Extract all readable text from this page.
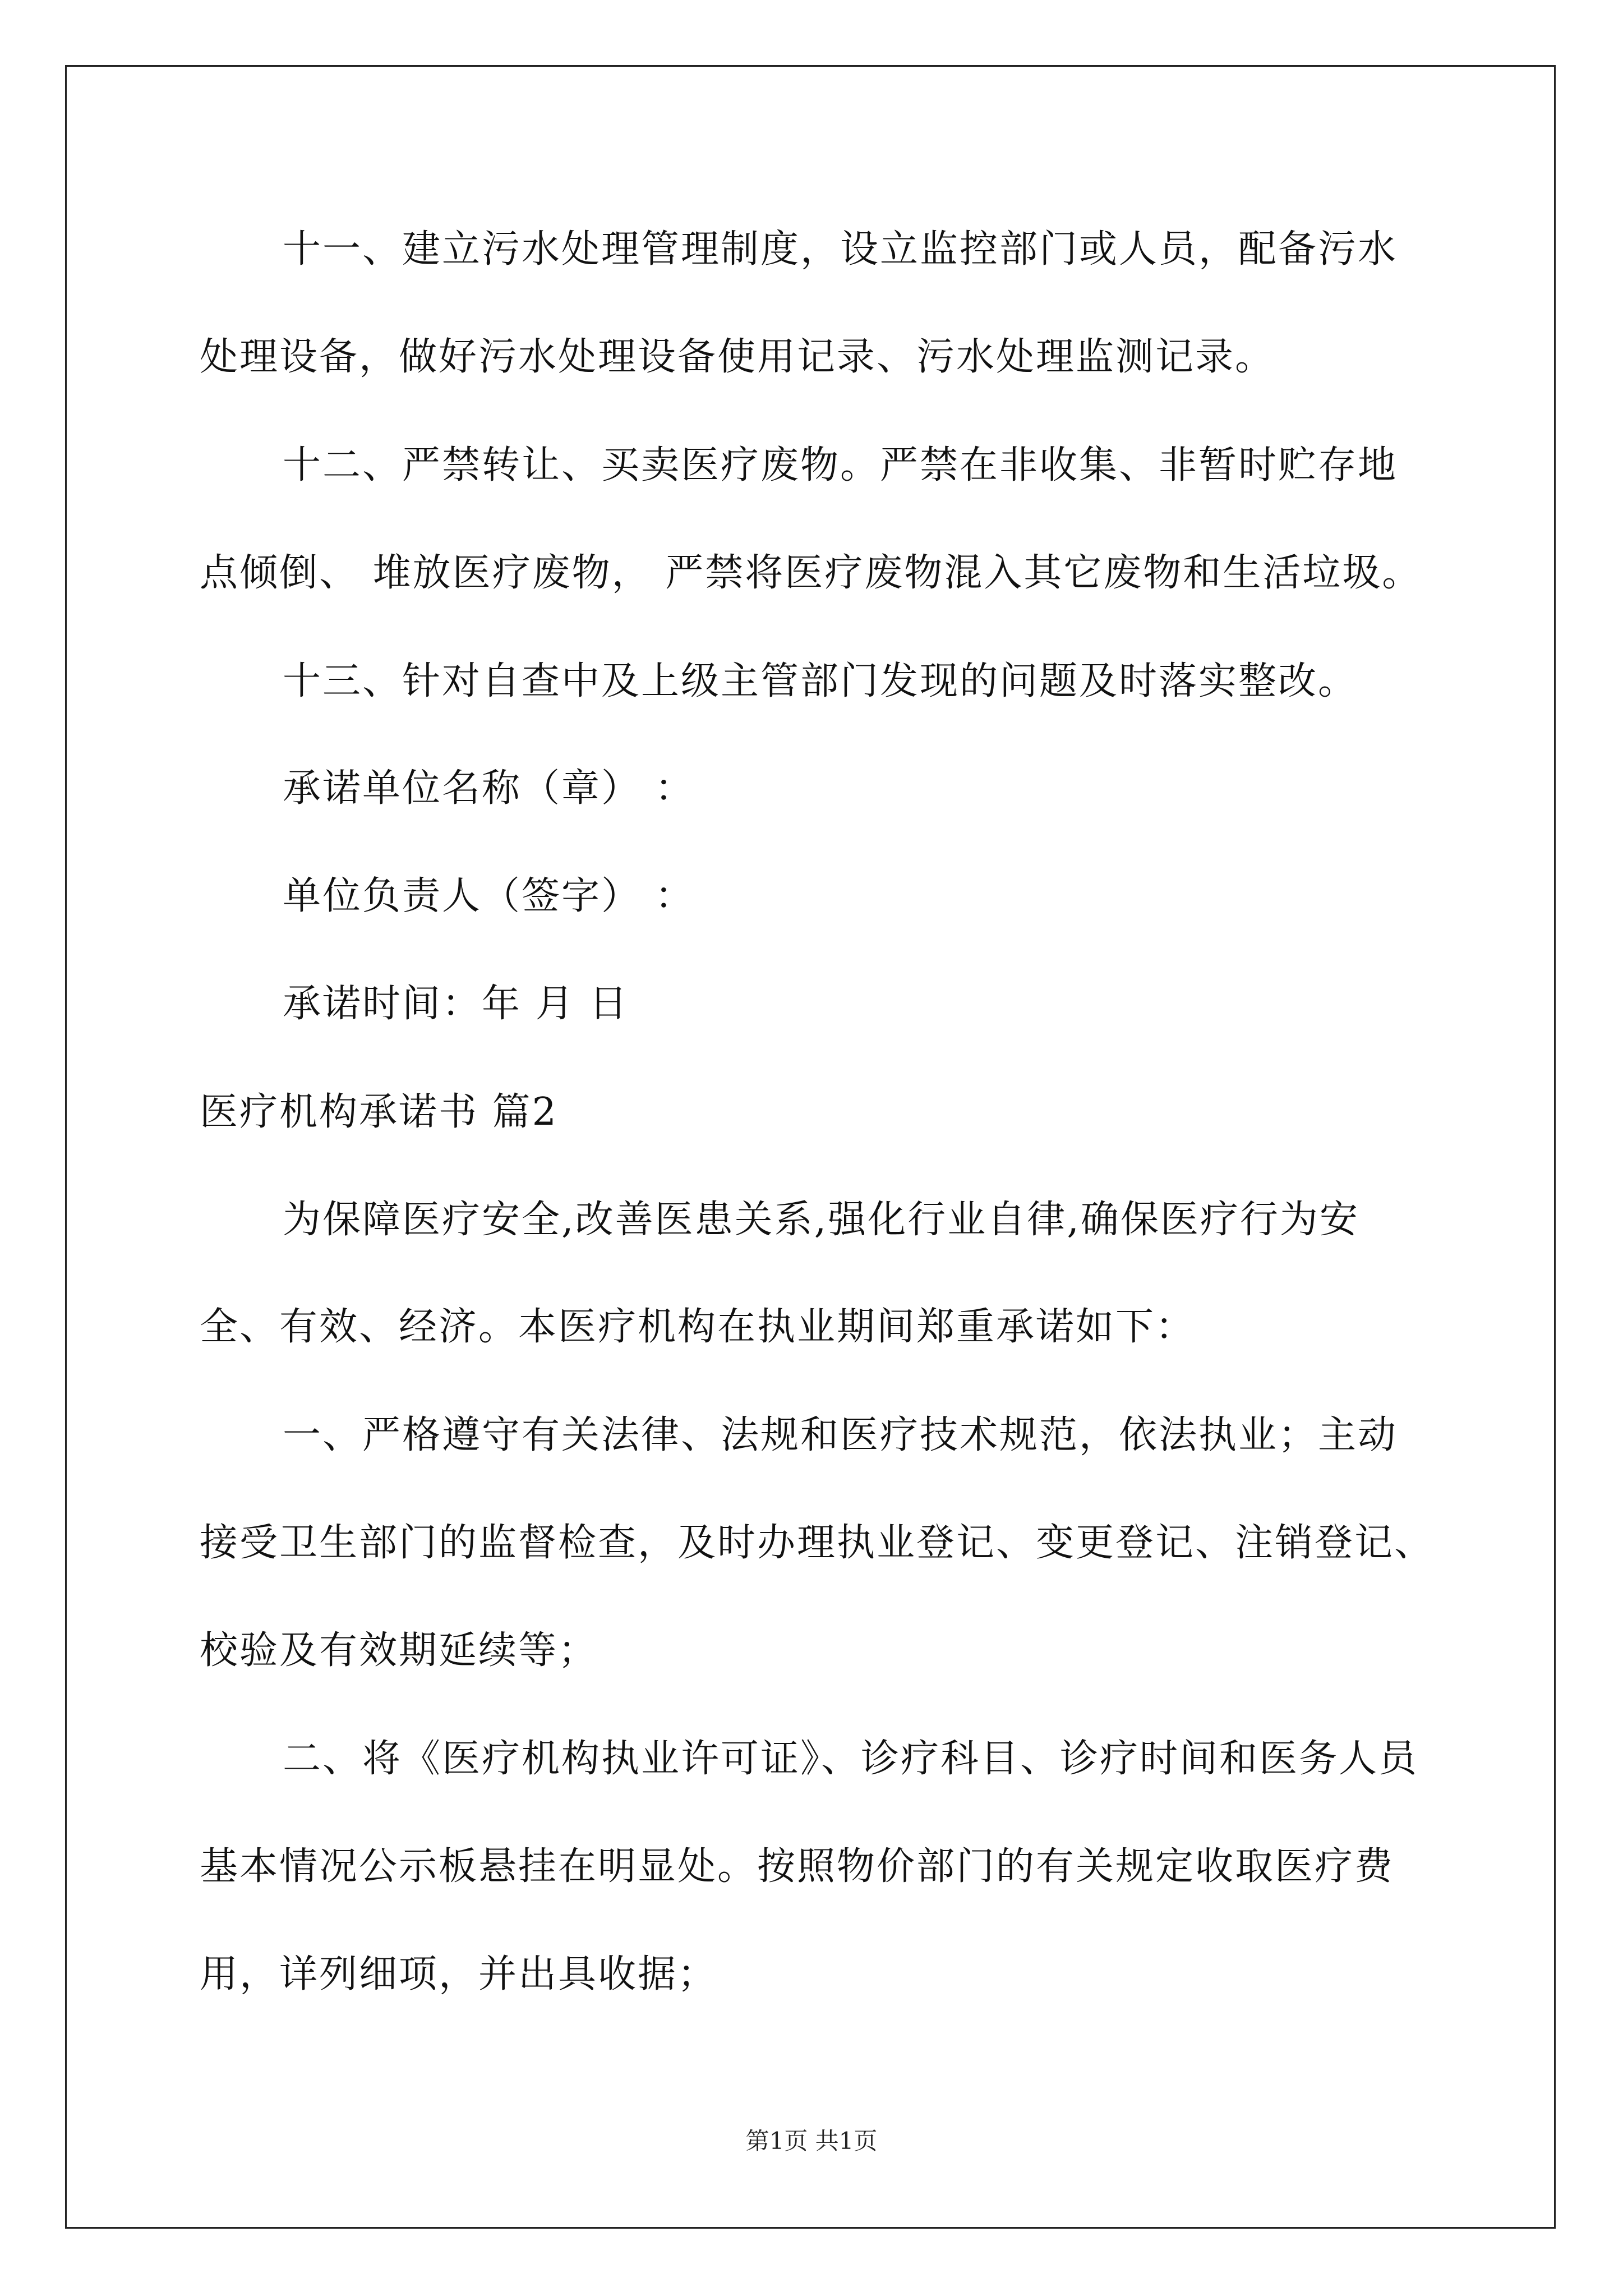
十一、建立污水处理管理制度，设立监控部门或人员，配备污水
处理设备，做好污水处理设备使用记录、污水处理监测记录。
十二、严禁转让、买卖医疗废物。严禁在非收集、非暂时贮存地
点倾倒、 堆放医疗废物， 严禁将医疗废物混入其它废物和生活垃圾。
十三、针对自查中及上级主管部门发现的问题及时落实整改。
承诺单位名称（章） ：
单位负责人（签字） ：
承诺时间：年 月 日
医疗机构承诺书 篇2
为保障医疗安全,改善医患关系,强化行业自律,确保医疗行为安
全、有效、经济。本医疗机构在执业期间郑重承诺如下：
一、严格遵守有关法律、法规和医疗技术规范，依法执业；主动
接受卫生部门的监督检查，及时办理执业登记、变更登记、注销登记、
校验及有效期延续等；
二、将《医疗机构执业许可证》、诊疗科目、诊疗时间和医务人员
基本情况公示板悬挂在明显处。按照物价部门的有关规定收取医疗费
用，详列细项，并出具收据；
第1页 共1页
